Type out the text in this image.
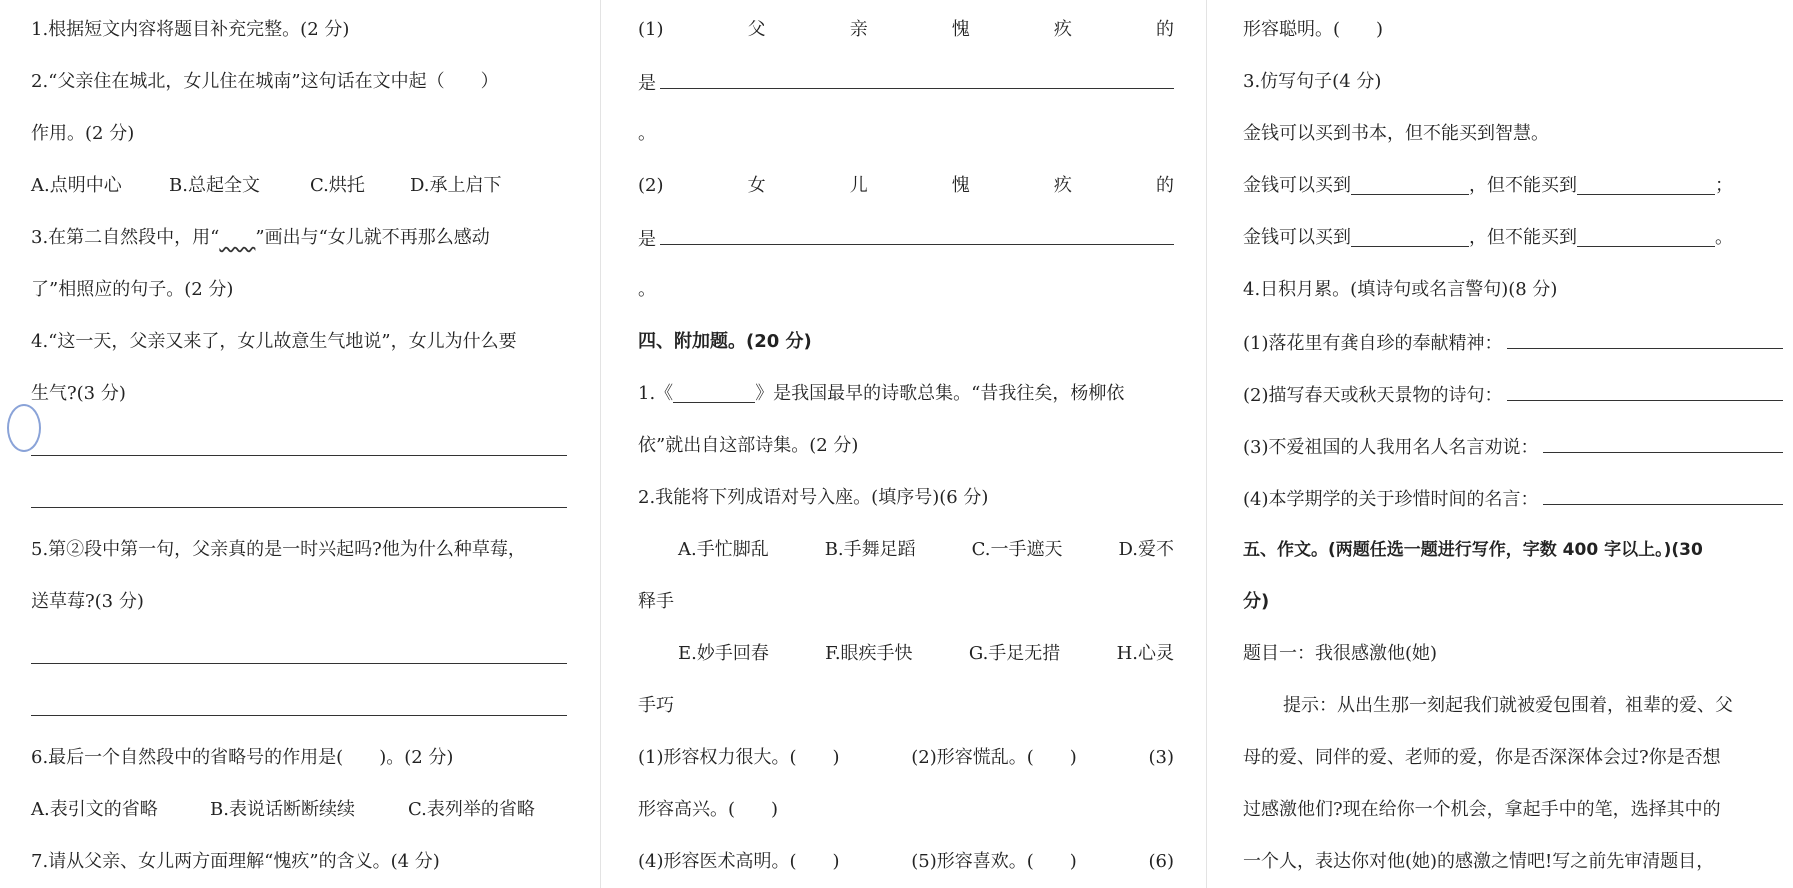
1.根据短文内容将题目补充完整。(2 分)
2.“父亲住在城北，女儿住在城南”这句话在文中起（　　）
作用。(2 分)
A.点明中心	B.总起全文	C.烘托	D.承上启下
3.在第二自然段中，用“ ”画出与“女儿就不再那么感动
了”相照应的句子。(2 分)
4.“这一天，父亲又来了，女儿故意生气地说”，女儿为什么要
生气?(3 分)
5.第②段中第一句，父亲真的是一时兴起吗?他为什么种草莓，
送草莓?(3 分)
6.最后一个自然段中的省略号的作用是(　　)。(2 分)
A.表引文的省略	B.表说话断断续续	C.表列举的省略
7.请从父亲、女儿两方面理解“愧疚”的含义。(4 分)
(1)	父	亲	愧	疚	的
是
。
(2)	女	儿	愧	疚	的
是
。
四、附加题。(20 分)
1.《	》是我国最早的诗歌总集。“昔我往矣，杨柳依
依”就出自这部诗集。(2 分)
2.我能将下列成语对号入座。(填序号)(6 分)
A.手忙脚乱	B.手舞足蹈	C.一手遮天	D.爱不
释手
E.妙手回春	F.眼疾手快	G.手足无措	H.心灵
手巧
(1)形容权力很大。(　　)	(2)形容慌乱。(　　)	(3)
形容高兴。(　　)
(4)形容医术高明。(　　)	(5)形容喜欢。(　　)	(6)
形容聪明。(　　)
3.仿写句子(4 分)
金钱可以买到书本，但不能买到智慧。
金钱可以买到	，但不能买到	；
金钱可以买到	，但不能买到	。
4.日积月累。(填诗句或名言警句)(8 分)
(1)落花里有龚自珍的奉献精神：
(2)描写春天或秋天景物的诗句：
(3)不爱祖国的人我用名人名言劝说：
(4)本学期学的关于珍惜时间的名言：
五、作文。(两题任选一题进行写作，字数 400 字以上。)(30
分)
题目一：我很感激他(她)
提示：从出生那一刻起我们就被爱包围着，祖辈的爱、父
母的爱、同伴的爱、老师的爱，你是否深深体会过?你是否想
过感激他们?现在给你一个机会，拿起手中的笔，选择其中的
一个人，表达你对他(她)的感激之情吧!写之前先审清题目，
